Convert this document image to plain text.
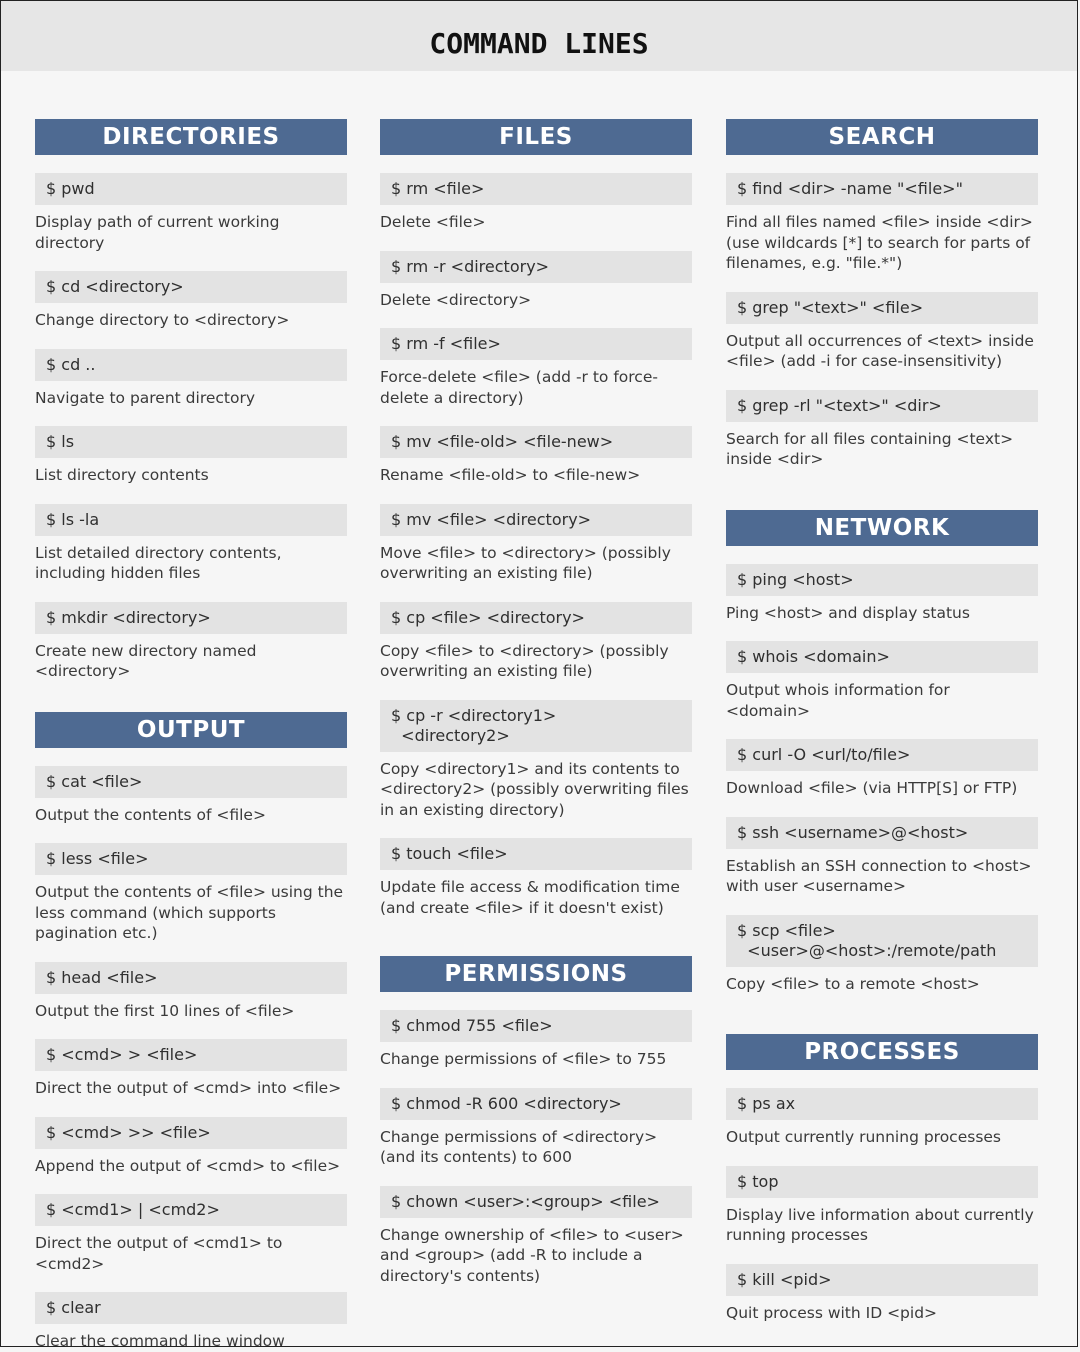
COMMAND LINES
DIRECTORIES
$ pwd
Display path of current working directory
$ cd <directory>
Change directory to <directory>
$ cd ..
Navigate to parent directory
$ ls
List directory contents
$ ls -la
List detailed directory contents, including hidden files
$ mkdir <directory>
Create new directory named <directory>
OUTPUT
$ cat <file>
Output the contents of <file>
$ less <file>
Output the contents of <file> using the less command (which supports pagination etc.)
$ head <file>
Output the first 10 lines of <file>
$ <cmd> > <file>
Direct the output of <cmd> into <file>
$ <cmd> >> <file>
Append the output of <cmd> to <file>
$ <cmd1> | <cmd2>
Direct the output of <cmd1> to <cmd2>
$ clear
Clear the command line window
FILES
$ rm <file>
Delete <file>
$ rm -r <directory>
Delete <directory>
$ rm -f <file>
Force-delete <file> (add -r to force-delete a directory)
$ mv <file-old> <file-new>
Rename <file-old> to <file-new>
$ mv <file> <directory>
Move <file> to <directory> (possibly overwriting an existing file)
$ cp <file> <directory>
Copy <file> to <directory> (possibly overwriting an existing file)
$ cp -r <directory1>
<directory2>
Copy <directory1> and its contents to <directory2> (possibly overwriting files in an existing directory)
$ touch <file>
Update file access & modification time (and create <file> if it doesn't exist)
PERMISSIONS
$ chmod 755 <file>
Change permissions of <file> to 755
$ chmod -R 600 <directory>
Change permissions of <directory> (and its contents) to 600
$ chown <user>:<group> <file>
Change ownership of <file> to <user> and <group> (add -R to include a directory's contents)
SEARCH
$ find <dir> -name "<file>"
Find all files named <file> inside <dir> (use wildcards [*] to search for parts of filenames, e.g. "file.*")
$ grep "<text>" <file>
Output all occurrences of <text> inside <file> (add -i for case-insensitivity)
$ grep -rl "<text>" <dir>
Search for all files containing <text> inside <dir>
NETWORK
$ ping <host>
Ping <host> and display status
$ whois <domain>
Output whois information for <domain>
$ curl -O <url/to/file>
Download <file> (via HTTP[S] or FTP)
$ ssh <username>@<host>
Establish an SSH connection to <host> with user <username>
$ scp <file>
<user>@<host>:/remote/path
Copy <file> to a remote <host>
PROCESSES
$ ps ax
Output currently running processes
$ top
Display live information about currently running processes
$ kill <pid>
Quit process with ID <pid>
